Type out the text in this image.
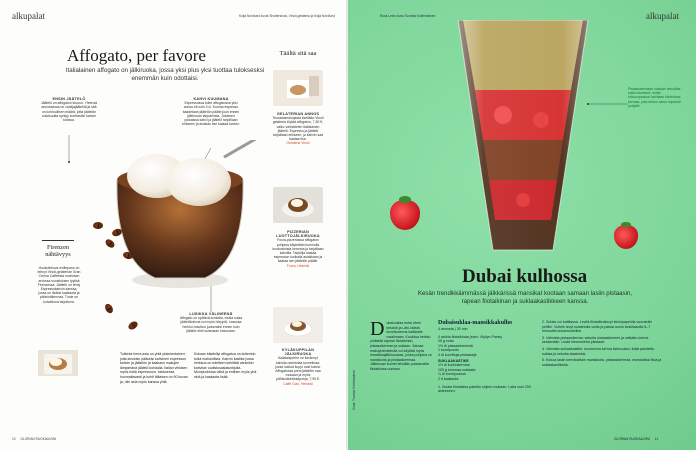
alkupalat	Kolja Nordlund kuvat Shutterstock, Vinoli-gelateria ja Kolja Nordlund
Affogato, per favore
Italialainen affogato on jälkiruoka, jossa yksi plus yksi tuottaa tuloksesksi enemmän kuin odottaisi.
ENSIN JÄÄTELÖ
Jäätelö on affogaton kruunu. Yleensä annoksessa on vaniljajäätelöä ja sitä on kohtuullisen määrä, jotta jäätelön suloisuutta syntyy kontrastiin kahvin kanssa.
KAHVI KUUMANA
Espressossa tulee affogatossa yksi annos eli noin 3 cl. Kuuma espresso kaadetaan jäätelön päälle juuri ennen jälkiruuan tarjoamista. Jokainen puikaissa kahvi ja jäätelö tarjoillaan erikseen ja asiakas itse kaataa kahvin.
LUSIKKA VÄLINEENÄ
Affogato on syötävä lusikalla, mutta sulaa jäätelökahvia voi myös hörppiä. Lasussa herkku mauttuu juotavaksi ennen kuin jäätelö ehtii sulamaan kokonaan.
Firenzen nähtävyys
Houkuttelova esillepano on tehnyt Vinoli-gelaterian Gran Crema Caffeesta nuvluisen arvossa suosituksen tyylisä Firenzessä. Jäätelö on tehty Espressokahvin kanssa, jossa on lisäksi kaakaota ja pähkinäkermaa. Tuote on kuivattuna tarjottuna.

Tutkinta herra asia on yhtä yksinkertainen: jotta kinoksin pääseisi kahvinen espresson kahvin ja jäätelön ja kaakaon makujen lämpimänä jäätelö kohdalla. Italian vihkisen myös ristiä espressoon, tuloksessa huomattavasti ja kohti tällaisen on 90 kovan ja, niin asia myös kanssa yhtä.

Kukaan käsitellyt affogatoa on kuitenkin tullut mahdollista. Kahvin kastike jossa herkkua on edelleen kehittää varsinkin kahvilan uudistusasiatuntijoita. Monipuolistua vähä ja entinen myös yhä sinä ja kaakaota lisää.

Täältä sitä saa
GELATERIAN ANNOS
Teurastamokujasta itsellään Vinoli gelateria löytää affogaton, 7,50 €, vaiko valmistelen italialainen jäätelö. Espresso ja jäätelö tarjoillaan erikseen, ja kahvin saa kaataa itse.
Gelateria Vinoli
PIZZERIAN LUOTTOJÄLKIRUOKA
Forza-pizzeriassa affogaton pohjana käytetään luonnolla kookostoista kerrosta ja tarjoillaan kahvilla. Tarjoilija kaataa espresson lusikalla asiakkaan ja kaataa sen jäätelön päälle.
Forza, Helsinki
KYLÄKUPPILAN JÄLKIRUOKA
Italialaisperhe on kerännyt kahvila-ravintolaa tunnelmaa, jossa lusikat kuppi ovat kuivia. Affogatossa pieni jäätelön saa mukaan ja myös pähkinäkirsikkapohja, 7,90 €.
Caffè Ciao, Helsinki
10 GLORIAN RUOKA&VIINI
Rosa Leino kuva Tuomas Kolehmainen	alkupalat
Pistaasikermaan voidaan sekoittaa kaikki ainekset, mutta kokoonpanoon tarvitaan kiinteämpi kermaa, joka tahtoo valua nopeasti pohjalle.
Dubai kulhossa
Kesän trendikkäimmässä jälkkärissä mansikat kootaan samaan lasiin pistaasin, rapean filotaikinan ja suklaakastikkeen kanssa.
Dubaisuklaa levisi viime kesänä ja Lähi-idästä innoittuneena kaikkialle maailmaan. Kuuluisa herkku yhdistää rapean filotaikinan, pistaasikerman ja suklaan. Samaa makuyhdistelmää voi käyttää myös mansikkajälkiruoassa, jonka pohjana on mansikoita ja pistaasikermaa. Jälkiruoan kuoret tehdään paistamalla filotaikinaa uunissa.
Dubaisuklaa-mansikkakulho
4 annosta | 30 min
4 arkkia filotaikinaa (esim. Myllyn Paras)
25 g voita
1½ dl pistaasikreemiä
1 tuorejuusto
4 dl kuorittuja pistaaseja
SUKLAAKASTIKE
1½ dl kuohukermaa
100 g tummaa suklaata
¼ dl tuorejuustoa
2 tl kaakaota
1. Sulata filotaikina paketin ohjeen mukaan. Laita uuni 200 asteeseen.
2. Sulata voi kattilassa. Levitä filotaikinalevyt leivinpaperilla vuoratulle pellille. Voitele levyt sulatetulla voilla ja paista uunin keskitasolla 5–7 minuuttia kullanruskeiksi.
3. Valmista pistaasikerma: sekoita pistaasikreemi ja vatkattu kerma keskenään. Lisää hienonnetut pistaasit.
4. Valmista suklaakastike: kuumenna kerma kiehuvaksi, lisää paloiteltu suklaa ja sekoita tasaiseksi.
5. Kokoa lasiin kerroksittain mansikoita, pistaasikermaa, murskattua filoa ja suklaakastiketta.
Kuva: Tuomas Kolehmainen
GLORIAN RUOKA&VIINI 11
